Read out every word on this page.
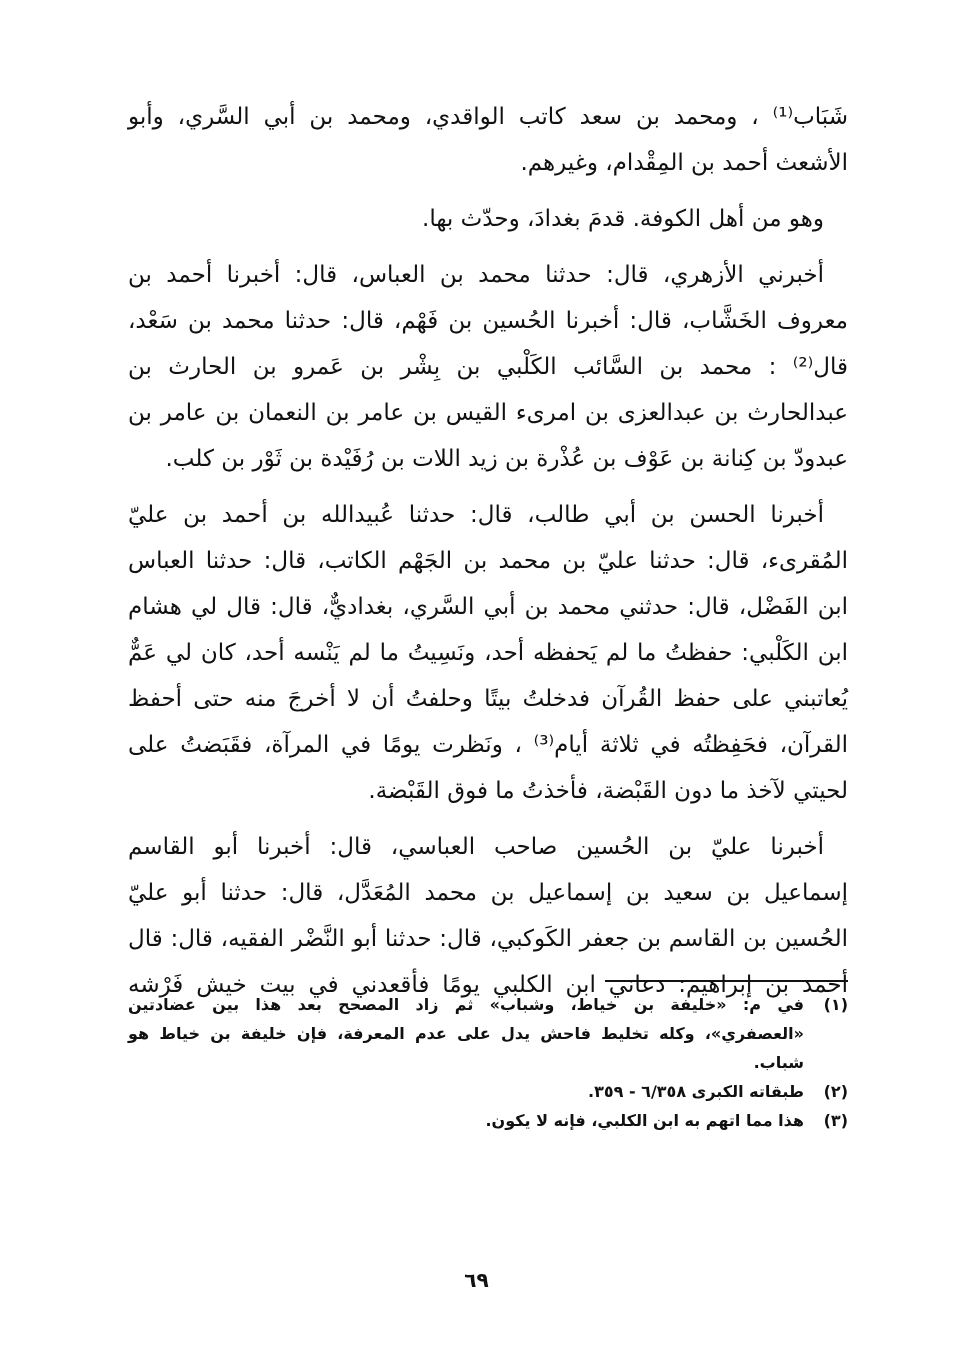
شَبَاب⁽¹⁾ ، ومحمد بن سعد كاتب الواقدي، ومحمد بن أبي السَّري، وأبو
الأشعث أحمد بن المِقْدام، وغيرهم.
وهو من أهل الكوفة. قدمَ بغدادَ، وحدّث بها.
أخبرني الأزهري، قال: حدثنا محمد بن العباس، قال: أخبرنا أحمد بن
معروف الخَشَّاب، قال: أخبرنا الحُسين بن فَهْم، قال: حدثنا محمد بن سَعْد،
قال⁽²⁾ : محمد بن السَّائب الكَلْبي بن بِشْر بن عَمرو بن الحارث بن
عبدالحارث بن عبدالعزى بن امرىء القيس بن عامر بن النعمان بن عامر بن
عبدودّ بن كِنانة بن عَوْف بن عُذْرة بن زيد اللات بن رُفَيْدة بن ثَوْر بن كلب.
أخبرنا الحسن بن أبي طالب، قال: حدثنا عُبيدالله بن أحمد بن عليّ
المُقرىء، قال: حدثنا عليّ بن محمد بن الجَهْم الكاتب، قال: حدثنا العباس
ابن الفَضْل، قال: حدثني محمد بن أبي السَّري، بغداديٌّ، قال: قال لي هشام
ابن الكَلْبي: حفظتُ ما لم يَحفظه أحد، ونَسِيتُ ما لم يَنْسه أحد، كان لي عَمٌّ
يُعاتبني على حفظ القُرآن فدخلتُ بيتًا وحلفتُ أن لا أخرجَ منه حتى أحفظ
القرآن، فحَفِظتُه في ثلاثة أيام⁽³⁾ ، ونَظرت يومًا في المرآة، فقَبَضتُ على
لحيتي لآخذ ما دون القَبْضة، فأخذتُ ما فوق القَبْضة.
أخبرنا عليّ بن الحُسين صاحب العباسي، قال: أخبرنا أبو القاسم
إسماعيل بن سعيد بن إسماعيل بن محمد المُعَدَّل، قال: حدثنا أبو عليّ
الحُسين بن القاسم بن جعفر الكَوكبي، قال: حدثنا أبو النَّضْر الفقيه، قال: قال
أحمد بن إبراهيم: دعاني ابن الكلبي يومًا فأقعدني في بيت خيش فَرْشه
(١)
في م: «خليفة بن خياط، وشباب» ثم زاد المصحح بعد هذا بين عضادتين
«العصفري»، وكله تخليط فاحش يدل على عدم المعرفة، فإن خليفة بن خياط هو
شباب.
(٢)
طبقاته الكبرى ٦/٣٥٨ - ٣٥٩.
(٣)
هذا مما اتهم به ابن الكلبي، فإنه لا يكون.
٦٩
